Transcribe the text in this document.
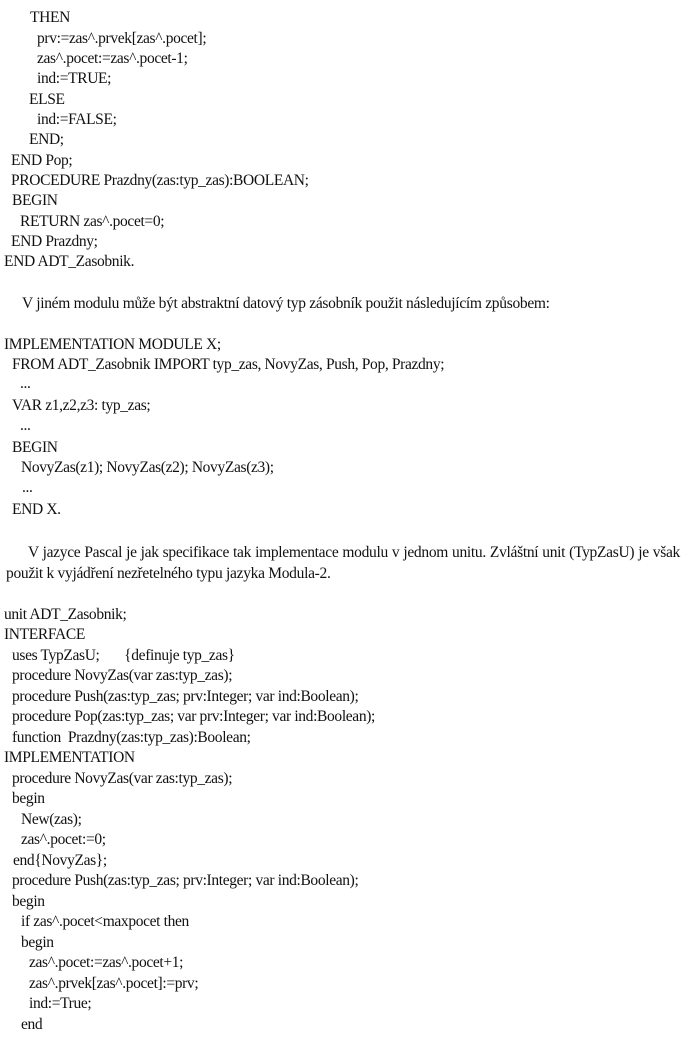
THEN
prv:=zas^.prvek[zas^.pocet];
zas^.pocet:=zas^.pocet-1;
ind:=TRUE;
ELSE
ind:=FALSE;
END;
END Pop;
PROCEDURE Prazdny(zas:typ_zas):BOOLEAN;
BEGIN
RETURN zas^.pocet=0;
END Prazdny;
END ADT_Zasobnik.
V jiném modulu může být abstraktní datový typ zásobník použit následujícím způsobem:
IMPLEMENTATION MODULE X;
FROM ADT_Zasobnik IMPORT typ_zas, NovyZas, Push, Pop, Prazdny;
...
VAR z1,z2,z3: typ_zas;
...
BEGIN
NovyZas(z1); NovyZas(z2); NovyZas(z3);
...
END X.
V jazyce Pascal je jak specifikace tak implementace modulu v jednom unitu. Zvláštní unit (TypZasU) je však použit k vyjádření nezřetelného typu jazyka Modula-2.
unit ADT_Zasobnik;
INTERFACE
uses TypZasU;       {definuje typ_zas}
procedure NovyZas(var zas:typ_zas);
procedure Push(zas:typ_zas; prv:Integer; var ind:Boolean);
procedure Pop(zas:typ_zas; var prv:Integer; var ind:Boolean);
function  Prazdny(zas:typ_zas):Boolean;
IMPLEMENTATION
procedure NovyZas(var zas:typ_zas);
begin
New(zas);
zas^.pocet:=0;
end{NovyZas};
procedure Push(zas:typ_zas; prv:Integer; var ind:Boolean);
begin
if zas^.pocet<maxpocet then
begin
zas^.pocet:=zas^.pocet+1;
zas^.prvek[zas^.pocet]:=prv;
ind:=True;
end
